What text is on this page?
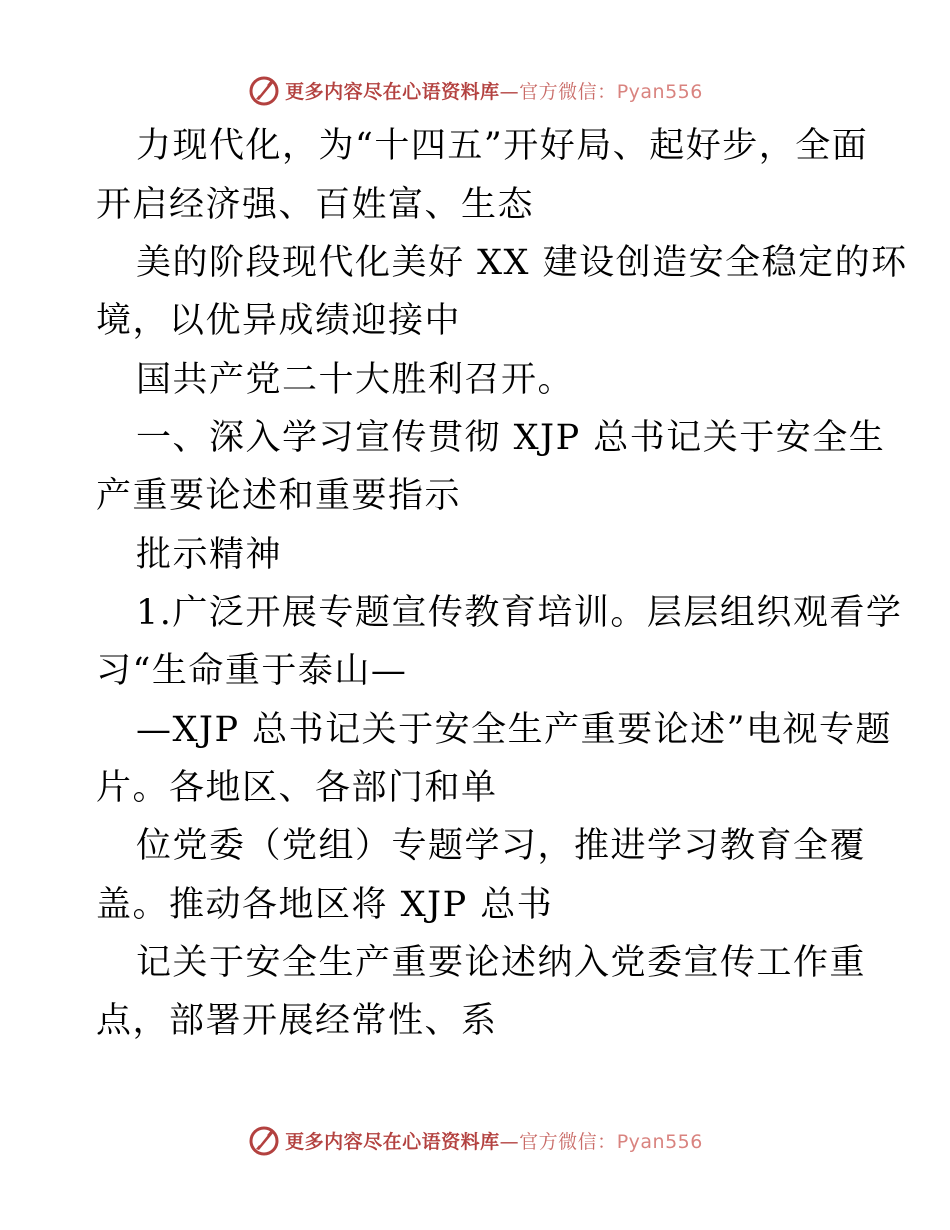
更多内容尽在心语资料库—官方微信：Pyan556
力现代化，为“十四五”开好局、起好步，全面
开启经济强、百姓富、生态
美的阶段现代化美好 XX 建设创造安全稳定的环
境，以优异成绩迎接中
国共产党二十大胜利召开。
一、深入学习宣传贯彻 XJP 总书记关于安全生
产重要论述和重要指示
批示精神
1.广泛开展专题宣传教育培训。层层组织观看学
习“生命重于泰山—
—XJP 总书记关于安全生产重要论述”电视专题
片。各地区、各部门和单
位党委（党组）专题学习，推进学习教育全覆
盖。推动各地区将 XJP 总书
记关于安全生产重要论述纳入党委宣传工作重
点，部署开展经常性、系
更多内容尽在心语资料库—官方微信：Pyan556
